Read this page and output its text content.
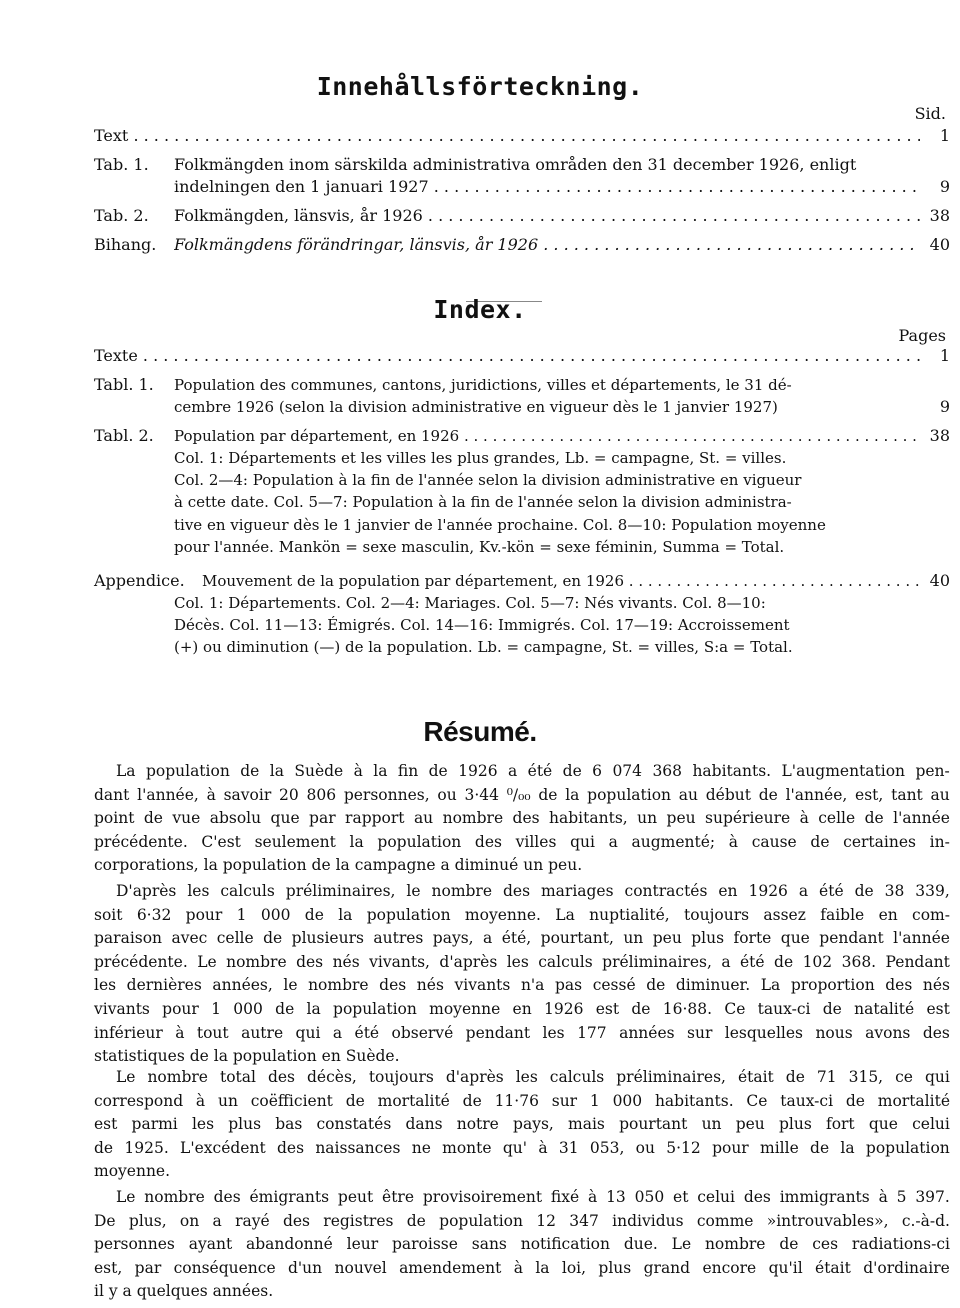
Innehållsförteckning.
Sid.
Text . . .	1
Tab. 1. Folkmängden inom särskilda administrativa områden den 31 december 1926, enligt
indelningen den 1 januari 1927 . . .	9
Tab. 2. Folkmängden, länsvis, år 1926 . . .	38
Bihang. Folkmängdens förändringar, länsvis, år 1926 . . .	40
Index.
Pages
Texte . . .	1
Tabl. 1. Population des communes, cantons, juridictions, villes et départements, le 31 dé-
cembre 1926 (selon la division administrative en vigueur dès le 1 janvier 1927)	9
Tabl. 2. Population par département, en 1926 . . .	38
Col. 1: Départements et les villes les plus grandes, Lb. = campagne, St. = villes.
Col. 2—4: Population à la fin de l'année selon la division administrative en vigueur
à cette date. Col. 5—7: Population à la fin de l'année selon la division administra-
tive en vigueur dès le 1 janvier de l'année prochaine. Col. 8—10: Population moyenne
pour l'année. Mankön = sexe masculin, Kv.-kön = sexe féminin, Summa = Total.
Appendice. Mouvement de la population par département, en 1926 . . .	40
Col. 1: Départements. Col. 2—4: Mariages. Col. 5—7: Nés vivants. Col. 8—10:
Décès. Col. 11—13: Émigrés. Col. 14—16: Immigrés. Col. 17—19: Accroissement
(+) ou diminution (—) de la population. Lb. = campagne, St. = villes, S:a = Total.
Résumé.
La population de la Suède à la fin de 1926 a été de 6 074 368 habitants. L'augmentation pen-
dant l'année, à savoir 20 806 personnes, ou 3·44 ⁰/₀₀ de la population au début de l'année, est, tant au
point de vue absolu que par rapport au nombre des habitants, un peu supérieure à celle de l'année
précédente. C'est seulement la population des villes qui a augmenté; à cause de certaines in-
corporations, la population de la campagne a diminué un peu.
D'après les calculs préliminaires, le nombre des mariages contractés en 1926 a été de 38 339,
soit 6·32 pour 1 000 de la population moyenne. La nuptialité, toujours assez faible en com-
paraison avec celle de plusieurs autres pays, a été, pourtant, un peu plus forte que pendant l'année
précédente. Le nombre des nés vivants, d'après les calculs préliminaires, a été de 102 368. Pendant
les dernières années, le nombre des nés vivants n'a pas cessé de diminuer. La proportion des nés
vivants pour 1 000 de la population moyenne en 1926 est de 16·88. Ce taux-ci de natalité est
inférieur à tout autre qui a été observé pendant les 177 années sur lesquelles nous avons des
statistiques de la population en Suède.
Le nombre total des décès, toujours d'après les calculs préliminaires, était de 71 315, ce qui
correspond à un coëfficient de mortalité de 11·76 sur 1 000 habitants. Ce taux-ci de mortalité
est parmi les plus bas constatés dans notre pays, mais pourtant un peu plus fort que celui
de 1925. L'excédent des naissances ne monte qu' à 31 053, ou 5·12 pour mille de la population
moyenne.
Le nombre des émigrants peut être provisoirement fixé à 13 050 et celui des immigrants à 5 397.
De plus, on a rayé des registres de population 12 347 individus comme »introuvables», c.-à-d.
personnes ayant abandonné leur paroisse sans notification due. Le nombre de ces radiations-ci
est, par conséquence d'un nouvel amendement à la loi, plus grand encore qu'il était d'ordinaire
il y a quelques années.
